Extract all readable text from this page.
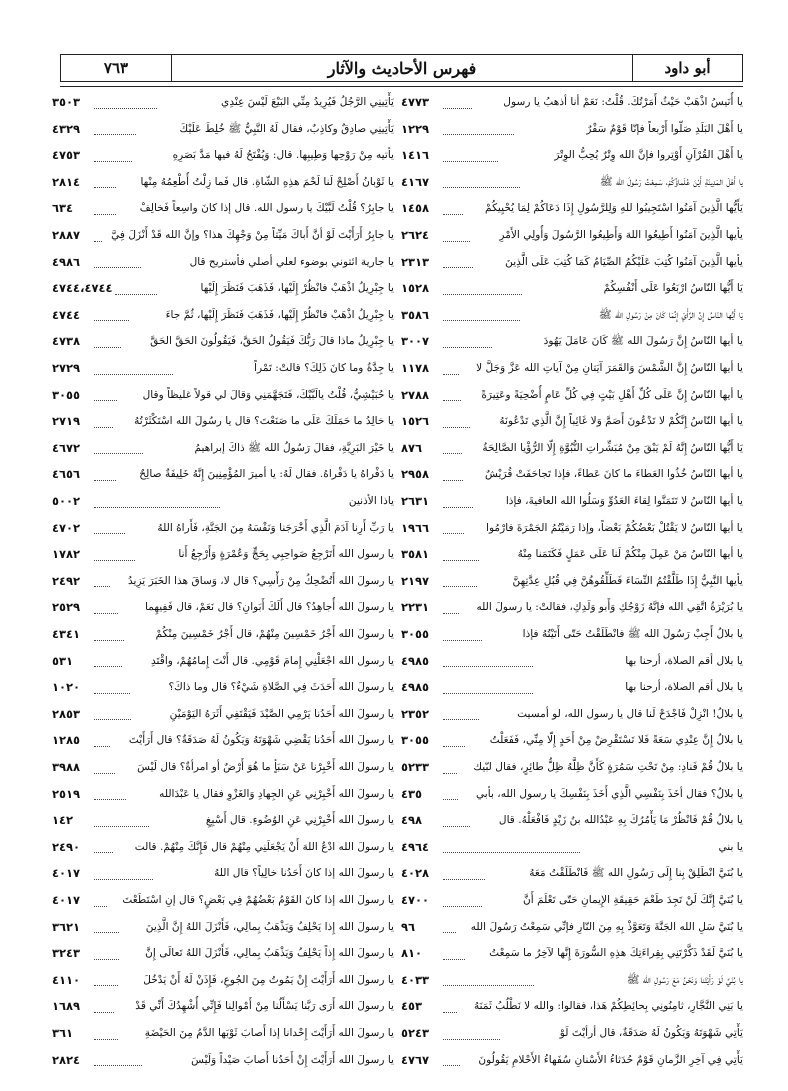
أبو داود
فهرس الأحاديث والآثار
٧٦٣
يا أُنَيسُ اذْهَبْ حَيْثُ أَمَرْتُكَ. قُلْتُ: نَعَمْ أنا أذهبُ يا رسول
٤٧٧٣
يا أَهْلَ البَلَدِ صَلّوا أَرْبعاً فإنّا قَوْمٌ سَفْرٌ
١٢٢٩
يا أَهْلَ القُرْآنِ أَوْتِروا فإنَّ الله وِتْرٌ يُحِبُّ الوِتْرَ
١٤١٦
يا أَهْلَ المَدِينَةِ أَيْنَ عُلَماؤُكُمْ، سَمِعْتُ رَسُولَ الله ﷺ
٤١٦٧
يَأَيُّها الَّذِينَ آمَنُوا اسْتَجِيبُوا للهِ وَلِلرَّسُولِ إِذَا دَعَاكُمْ لِمَا يُحْيِيكُمْ
١٤٥٨
يأيها الَّذِينَ آمَنُوا أَطِيعُوا اللهَ وَأَطِيعُوا الرَّسُولَ وَأُولِي الأَمْرِ
٢٦٢٤
يأيها الَّذِينَ آمَنُوا كُتِبَ عَلَيْكُمُ الصِّيَامُ كَمَا كُتِبَ عَلَى الَّذِينَ
٢٣١٣
يَا أَيُّها النّاسُ ارْبَعُوا عَلَى أَنْفُسِكُمْ
١٥٢٨
يَا أَيُّها النّاسُ إِنَّ الرَّأْيَ إِنَّمَا كَانَ مِنْ رَسُولِ الله ﷺ
٣٥٨٦
يا أيها النّاسُ إِنَّ رَسُولَ الله ﷺ كَانَ عَامَلَ يَهُودَ
٣٠٠٧
يا أيها النّاسُ إِنَّ الشَّمْسَ وَالقَمَرَ آيَتانِ مِنْ آياتِ الله عَزَّ وَجَلَّ لا
١١٧٨
يا أيها النّاسُ إِنَّ عَلَى كُلِّ أَهْلِ بَيْتٍ فِي كُلِّ عَامٍ أُضْحِيَةً وعَتِيرَةً
٢٧٨٨
يا أيها النّاسُ إِنَّكُمْ لا تَدْعُونَ أَصَمَّ وَلا غَائِباً إِنَّ الَّذِي تَدْعُونَهُ
١٥٢٦
يَا أَيُّها النّاسُ إِنَّهُ لَمْ يَبْقَ مِنْ مُبَشِّراتِ النُّبُوَّةِ إِلّا الرُّؤْيا الصَّالِحَةُ
٨٧٦
يا أيها النّاسُ خُذُوا العَطاءَ ما كانَ عَطاءً، فإذا تَجاحَفَتْ قُرَيْشٌ
٢٩٥٨
يا أيها النّاسُ لا تَتَمَنَّوا لِقاءَ العَدُوِّ وَسَلُوا الله العافيةَ، فإذا
٢٦٣١
يا أيها النّاسُ لا يَقْتُلْ بَعْضُكُمْ بَعْضاً، وإذا رَمَيْتُمُ الجَمْرَةَ فارْمُوا
١٩٦٦
يا أيها النّاسُ مَنْ عَمِلَ مِنْكُمْ لَنا عَلَى عَمَلٍ فَكَتَمَنا مِنْهُ
٣٥٨١
يأيها النَّبِيُّ إِذَا طَلَّقْتُمُ النِّسَاءَ فَطَلِّقُوهُنَّ فِي قُبُلِ عِدَّتِهِنَّ
٢١٩٧
يا بُرَيْرَةُ اتَّقِي الله فإنَّهُ زَوْجُكِ وَأَبو وَلَدِكِ، فقالتْ: يا رسولَ الله
٢٢٣١
يا بلالُ أَجِبْ رَسُولَ الله ﷺ فانْطَلَقْتُ حَتّى أَتَيْتُهُ فإذا
٣٠٥٥
يا بلال أقم الصلاة، أرحنا بها
٤٩٨٥
يا بلال أقم الصلاة، أرحنا بها
٤٩٨٥
يا بلالُ! انْزِلْ فَاجْدَحْ لَنا قال يا رسول الله، لو أمسيت
٢٣٥٢
يا بلالُ إِنَّ عِنْدِي سَعَةً فَلا تَسْتَقْرِضْ مِنْ أَحَدٍ إِلّا مِنِّي، فَفَعَلْتُ
٣٠٥٥
يا بلالُ قُمْ فَنادِ: مِنْ تَحْتِ سَمُرَةٍ كَأَنَّ ظِلَّهُ ظِلُّ طائِرٍ، فقال لبّيك
٥٢٣٣
يا بلالُ؟ فقال أخَذَ بِنَفْسِي الَّذِي أَخَذَ بِنَفْسِكَ يا رسول الله، بأبي
٤٣٥
يا بلالُ قُمْ فَانْظُرْ مَا يَأْمُرُكَ بِهِ عَبْدُالله بنُ زَيْدٍ فَافْعَلْهُ. قال
٤٩٨
يا بني
٤٩٦٤
يا بُنَيَّ انْطَلِقْ بِنا إِلَى رَسُولِ الله ﷺ فَانْطَلَقْتُ مَعَهُ
٤٠٢٨
يا بُنَيَّ إِنَّكَ لَنْ تَجِدَ طَعْمَ حَقِيقَةِ الإِيمانِ حَتّى تَعْلَمَ أَنَّ
٤٧٠٠
يا بُنَيَّ سَلِ الله الجَنَّةَ وَتَعَوَّذْ بِهِ مِنَ النّارِ فإنِّي سَمِعْتُ رَسُولَ الله
٩٦
يا بُنَيَّ لَقَدْ ذَكَّرْتَنِي بِقِراءَتِكَ هذِهِ السُّورَةَ إِنَّها لآخِرُ ما سَمِعْتُ
٨١٠
يا بُنَيَّ لَوْ رَأَيْتَنا وَنَحْنُ مَعَ رَسُولِ الله ﷺ
٤٠٣٣
يا بَنِي النَّجَّارِ، ثامِنُونِي بِحائِطِكُمْ هَذا، فقالوا: والله لا نَطْلُبُ ثَمَنَهُ
٤٥٣
يَأْتِي شَهْوَتَهُ وَيَكُونُ لَهُ صَدَقَةٌ، قال أرأيْتَ لَوْ
٥٢٤٣
يَأْتِي فِي آخِرِ الزَّمانِ قَوْمٌ حُدَثاءُ الأَسْنانِ سُفَهاءُ الأَحْلامِ يَقُولُونَ
٤٧٦٧
يَأْتِينِي الرَّجُلُ فَيُرِيدُ مِنِّي البَيْعَ لَيْسَ عِنْدِي
٣٥٠٣
يَأْتِينِي صادِقٌ وكاذِبٌ، فقال لَهُ النَّبِيُّ ﷺ خُلِطَ عَلَيْكَ
٤٣٢٩
يأتيه مِنْ رَوْحِها وَطِيبِها. قال: وَيُفْتَحُ لَهُ فيها مَدَّ بَصَرِهِ
٤٧٥٣
يا ثَوْبانُ أَصْلِحْ لَنا لَحْمَ هذِهِ الشّاةِ. قال فَما زِلْتُ أُطْعِمُهُ مِنْها
٢٨١٤
يا جابِرُ؟ قُلْتُ لَبَّيْكَ يا رسول الله. قال إذا كانَ واسِعاً فَخالِفْ
٦٣٤
يا جابِرُ أَرَأَيْتَ لَوْ أنَّ أَباكَ مَيِّتاً مِنْ وَجْهِكَ هذا؟ وإنَّ الله قَدْ أَنْزَلَ فِيَّ
٢٨٨٧
يا جارية ائتوني بوضوء لعلي أصلي فأستريح قال
٤٩٨٦
يا جِبْرِيلُ اذْهَبْ فانْظُرْ إِلَيْها، فَذَهَبَ فَنَظَرَ إِلَيْها
٤٧٤٤،٤٧٤٤
يا جِبْرِيلُ اذْهَبْ فانْظُرْ إِلَيْها، فَذَهَبَ فَنَظَرَ إِلَيْها، ثُمَّ جاءَ
٤٧٤٤
يا جِبْرِيلُ ماذا قالَ رَبُّكَ فَيَقُولُ الحَقَّ، فَيَقُولُونَ الحَقَّ الحَقَّ
٤٧٣٨
يا جِدَّةُ وما كانَ ذَلِكَ؟ قالتْ: تَمْراً
٢٧٢٩
يا حُبَيْشِيُّ، قُلْتُ يالَبَّيْكَ، فَتَجَهَّمَنِي وَقالَ لي قولاً غليظاً وقال
٣٠٥٥
يا خالِدُ ما حَمَلَكَ عَلَى ما صَنَعْتَ؟ قال يا رسُولَ الله اسْتَكْثَرْتُهُ
٢٧١٩
يا خَيْرَ البَرِيَّةِ، فقالَ رَسُولُ الله ﷺ ذاكَ إبراهيمُ
٤٦٧٢
يا دَفْراهُ يا دَفْراهُ. فقال لَهُ: يا أميرَ المُؤْمِنِينَ إِنَّهُ خَلِيفَةٌ صالِحٌ
٤٦٥٦
ياذا الأذنين
٥٠٠٢
يا رَبِّ أَرِنا آدَمَ الَّذِي أَخْرَجَنا وَنَفْسَهُ مِنَ الجَنَّةِ، فَأَراهُ اللهُ
٤٧٠٢
يا رسول الله أَتَرْجِعُ صَواحِبِي بِحَجٍّ وَعُمْرَةٍ وَأَرْجِعُ أَنا
١٧٨٢
يا رسولَ الله أَتُضْحِكُ مِنْ رَأْسِي؟ قال لا، وَساقَ هذا الخَبَرَ يَزِيدُ
٢٤٩٢
يا رسولَ الله أُجاهِدُ؟ قال أَلَكَ أَبَوانِ؟ قال نَعَمْ، قال فَفِيهِما
٢٥٢٩
يا رسولَ الله أَجْرُ خَمْسِينَ مِنْهُمْ، قال أَجْرُ خَمْسِينَ مِنْكُمْ
٤٣٤١
يا رسول الله اجْعَلْنِي إِمامَ قَوْمِي. قال أَنْتَ إِمامُهُمْ، واقْتَدِ
٥٣١
يا رسولَ الله أَحَدَثَ فِي الصَّلاةِ شَيْءٌ؟ قال وما ذاكَ؟
١٠٢٠
يا رسولَ الله أَحَدُنا يَرْمِي الصَّيْدَ فَيَقْتَفِي أَثَرَهُ اليَوْمَيْنِ
٢٨٥٣
يا رسولَ الله أَحَدُنا يَقْضِي شَهْوَتَهُ وَيَكُونُ لَهُ صَدَقَةٌ؟ قال أَرَأَيْتَ
١٢٨٥
يا رسولَ الله أَخْبِرْنا عَنْ سَبَأٍ ما هُوَ أَرْضٌ أو امرأةٌ؟ قال لَيْسَ
٣٩٨٨
يا رسولَ الله أَخْبِرْنِي عَنِ الجِهادِ وَالغَزْوِ فقال يا عَبْدَالله
٢٥١٩
يا رسولَ الله أَخْبِرْنِي عَنِ الوُضُوءِ. قال أَسْبِغِ
١٤٢
يا رسولَ الله ادْعُ اللهَ أَنْ يَجْعَلَنِي مِنْهُمْ قال فَإِنَّكَ مِنْهُمْ. قالت
٢٤٩٠
يا رسولَ الله إذا كانَ أَحَدُنا خالِياً؟ قال اللهُ
٤٠١٧
يا رسولَ الله إذا كانَ القَوْمُ بَعْضُهُمْ فِي بَعْضٍ؟ قال إنِ اسْتَطَعْتَ
٤٠١٧
يا رسولَ الله إِذا يَحْلِفُ وَيَذْهَبُ بِمالِي، فَأَنْزَلَ اللهُ إِنَّ الَّذِينَ
٣٦٢١
يا رسولَ الله إِذاً يَحْلِفُ وَيَذْهَبُ بِمالِي، فَأَنْزَلَ اللهُ تَعالَى إِنَّ
٣٢٤٣
يا رسولَ الله أَرَأَيْتَ إِنْ يَمُوتُ مِنَ الجُوعِ، فَإِذَنْ لَهُ أَنْ يَدْخُلَ
٤١١٠
يا رسولَ الله أَرَى رَبَّنا يَسْأَلُنا مِنْ أَمْوالِنا فَإِنِّي أُشْهِدُكَ أَنِّي قَدْ
١٦٨٩
يا رسولَ الله أَرَأَيْتَ إِحْدانا إذا أَصابَ ثَوْبَها الدَّمُ مِنَ الحَيْضَةِ
٣٦١
يا رسولَ الله أَرَأَيْتَ إِنْ أَحَدُنا أَصابَ صَيْداً وَلَيْسَ
٢٨٢٤
